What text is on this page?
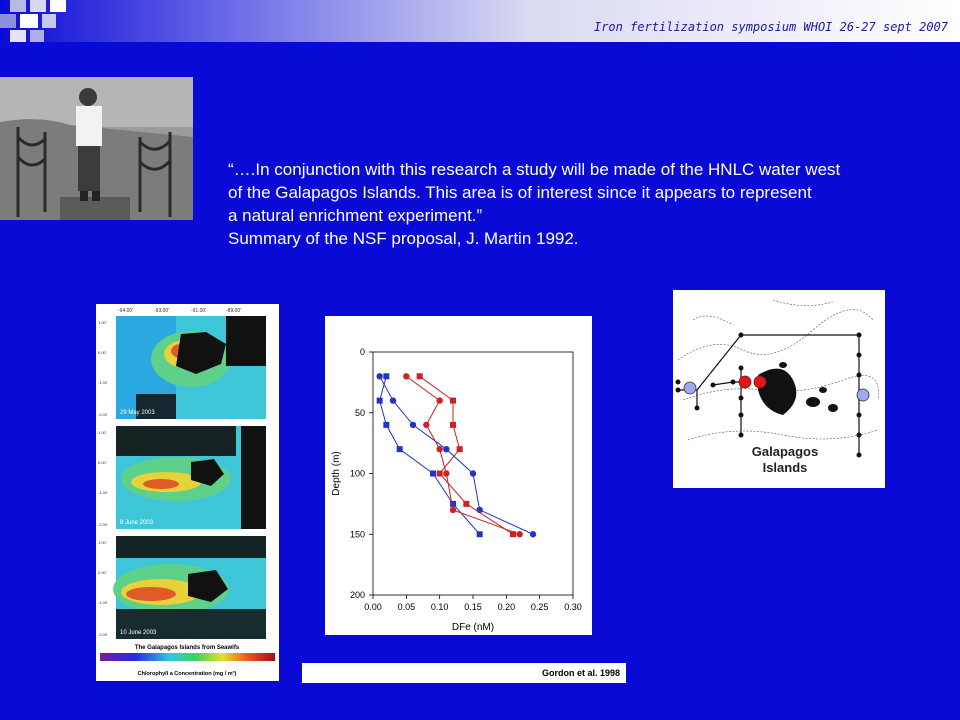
Iron fertilization symposium WHOI 26-27 sept 2007
“….In conjunction with this research a study will be made of the HNLC water west
of the Galapagos Islands. This area is of interest since it appears to represent
a natural enrichment experiment.”
Summary of the NSF proposal, J. Martin 1992.
-94.00'	-93.00'	-91.00'	-89.00'
29 May 2003
8 June 2003
10 June 2003
1.00'
0.00'
-1.00'
-2.00'
1.00'
0.00'
-1.00'
-2.00'
1.00'
0.00'
-1.00'
-2.00'
The Galapagos Islands from Seawifs
Chlorophyll a Concentration (mg / m³)
0.00 0.05 0.10 0.15 0.20 0.25 0.30
0
50
100
150
200
DFe (nM)
Depth (m)
Gordon et al. 1998
Galapagos
Islands
